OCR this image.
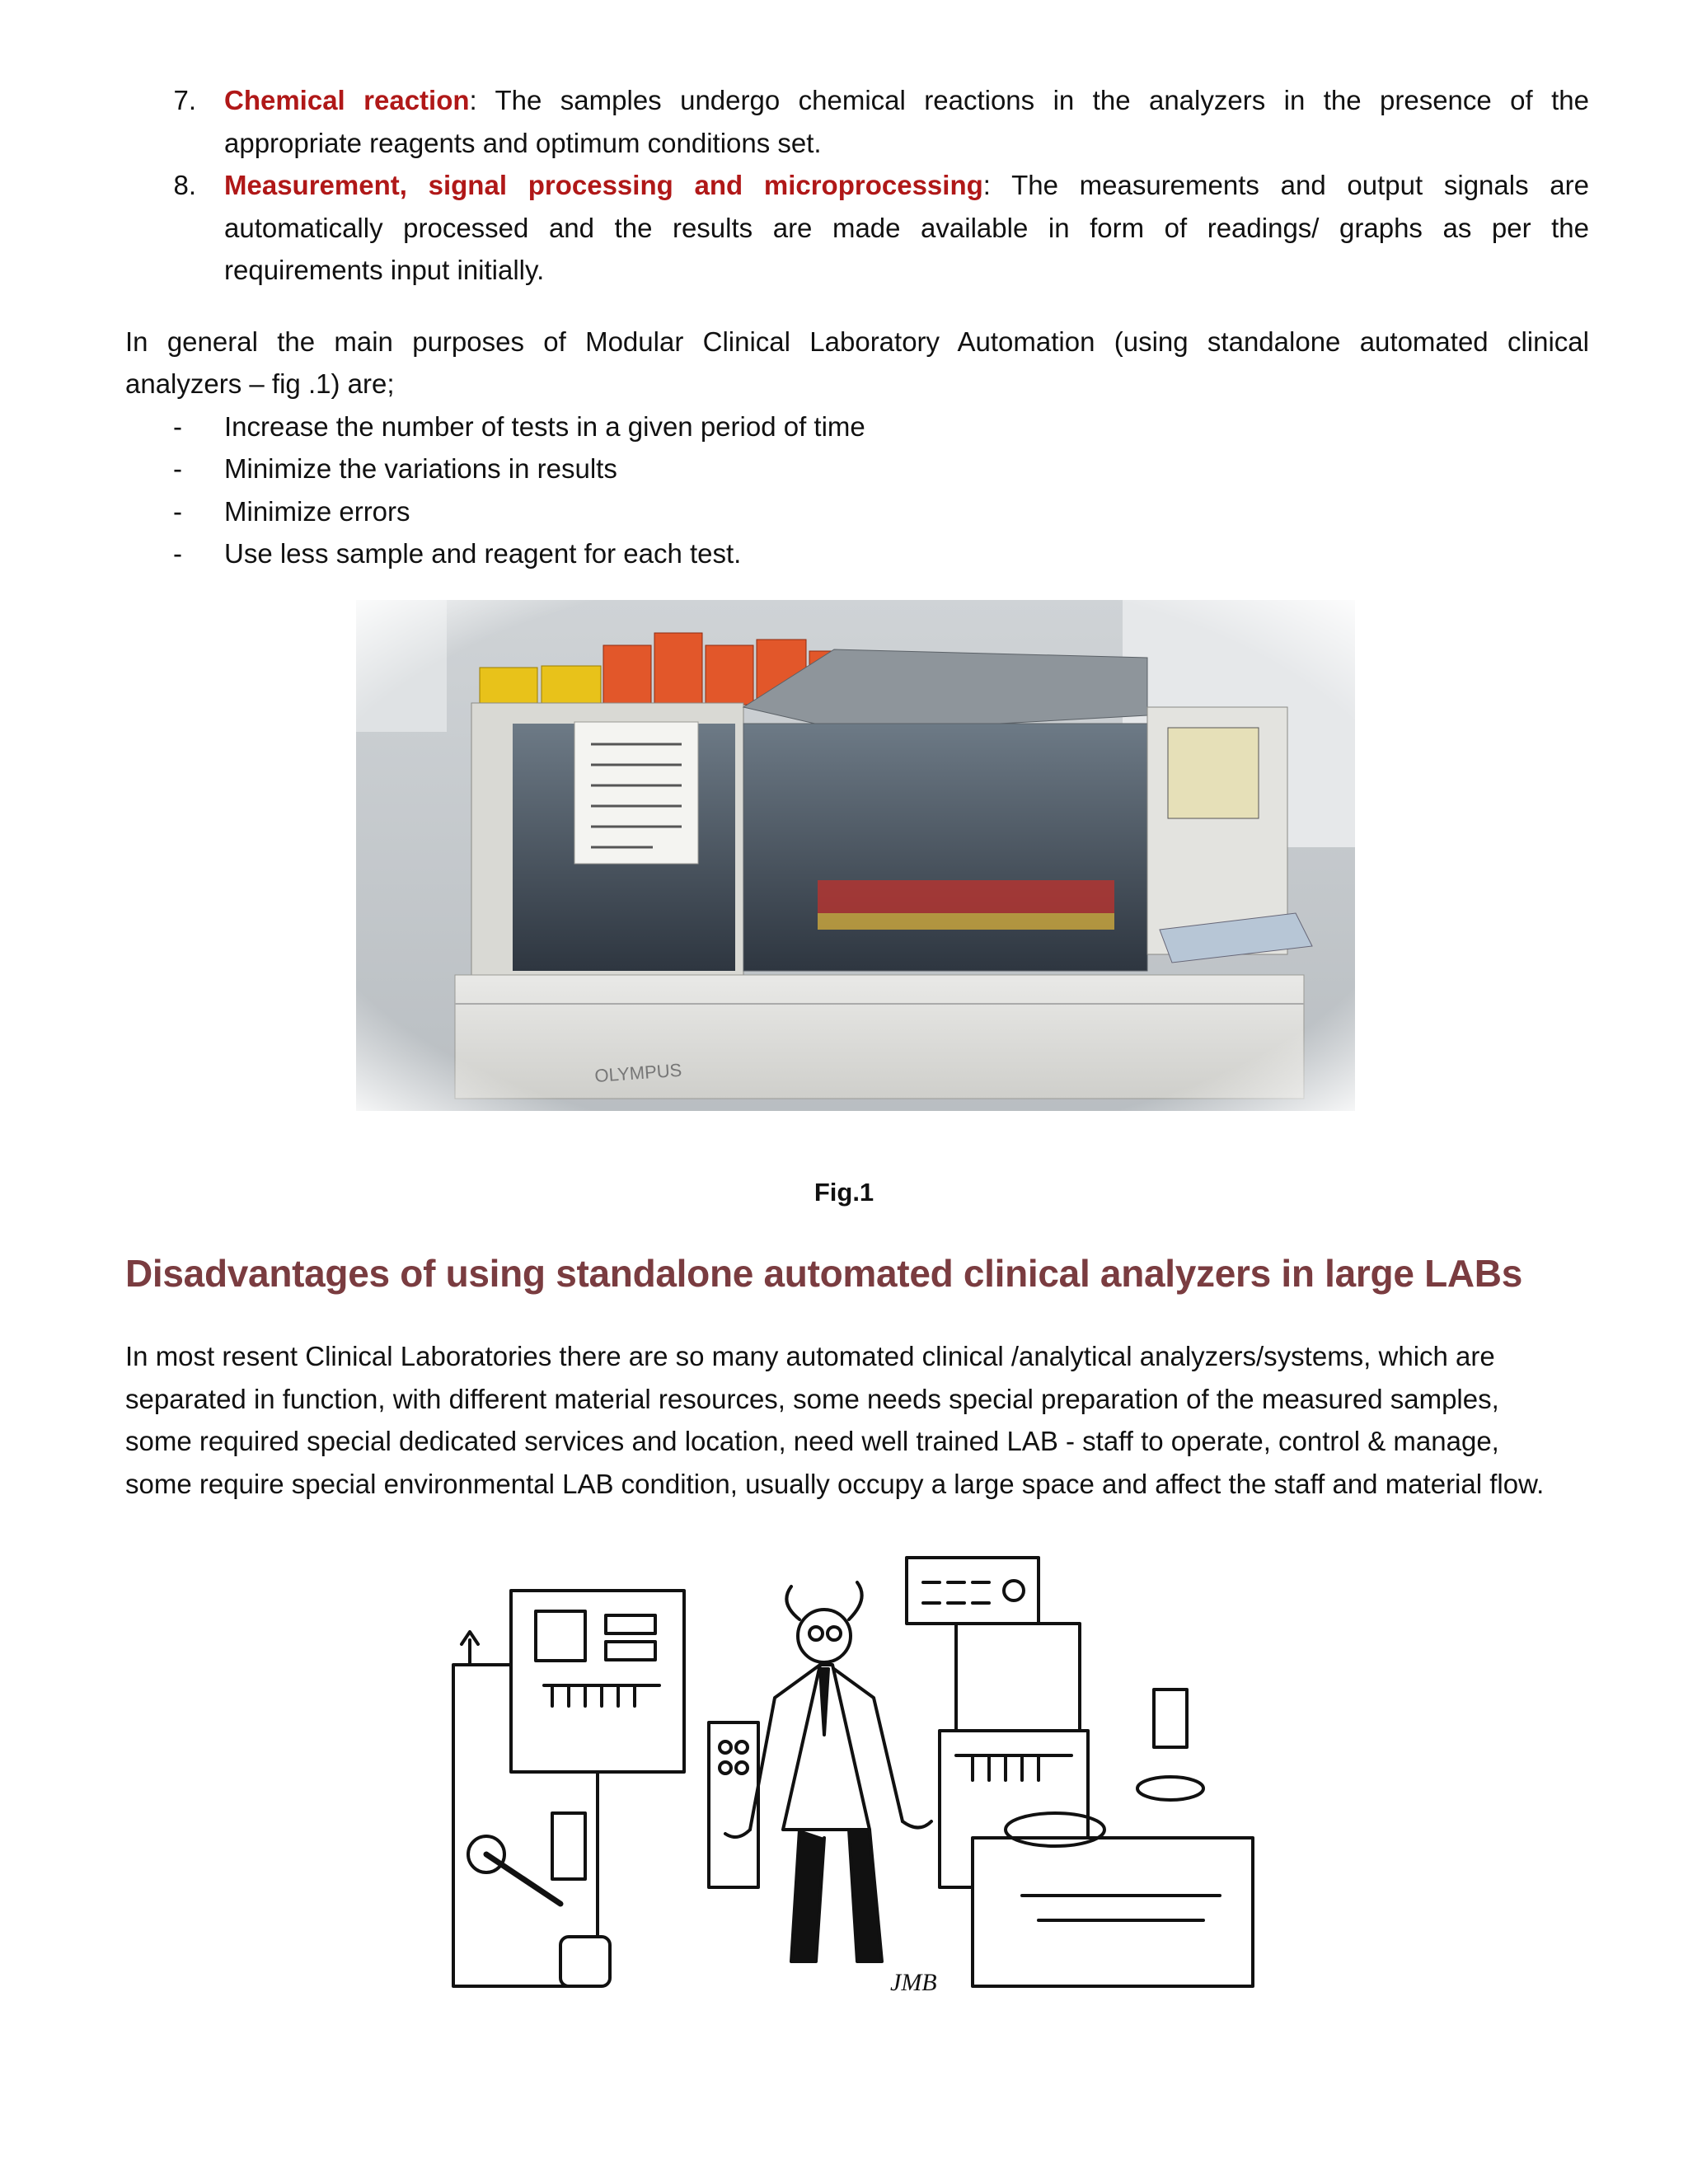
7. Chemical reaction: The samples undergo chemical reactions in the analyzers in the presence of the
appropriate reagents and optimum conditions set.
8. Measurement, signal processing and microprocessing: The measurements and output signals are
automatically processed and the results are made available in form of readings/ graphs as per the
requirements input initially.
In general the main purposes of Modular Clinical Laboratory Automation (using standalone automated clinical
analyzers – fig .1) are;
- Increase the number of tests in a given period of time
- Minimize the variations in results
- Minimize errors
- Use less sample and reagent for each test.
Fig.1
Disadvantages of using standalone automated clinical analyzers in large LABs
In most resent Clinical Laboratories there are so many automated clinical /analytical analyzers/systems, which are
separated in function, with different material resources, some needs special preparation of the measured samples,
some required special dedicated services and location, need well trained LAB - staff to operate, control & manage,
some require special environmental LAB condition, usually occupy a large space and affect the staff and material flow.
JMB
